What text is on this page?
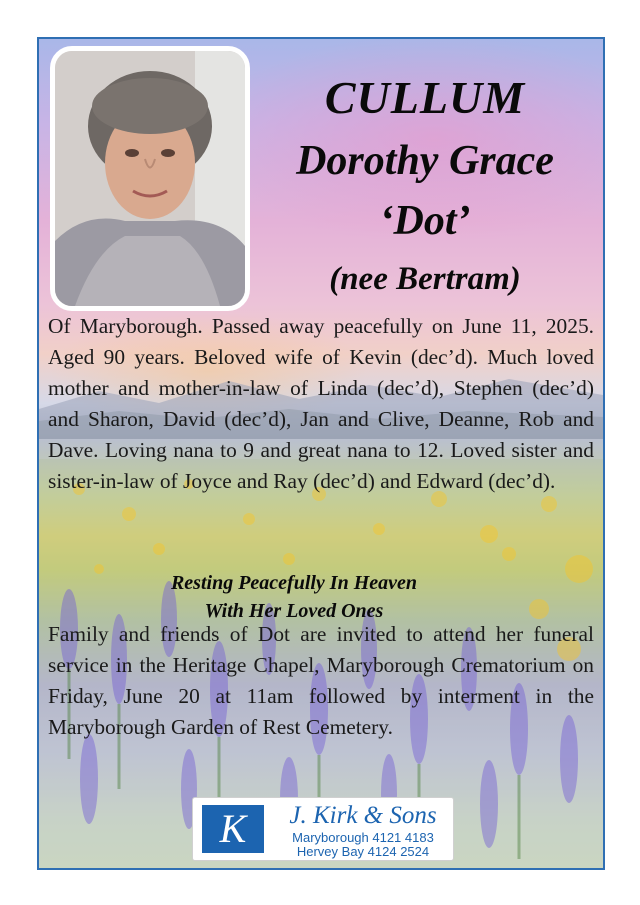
CULLUM

Dorothy Grace

‘Dot’

(nee Bertram)

Of Maryborough. Passed away peacefully on June 11, 2025. Aged 90 years. Beloved wife of Kevin (dec’d). Much loved mother and mother-in-law of Linda (dec’d), Stephen (dec’d) and Sharon, David (dec’d), Jan and Clive, Deanne, Rob and Dave. Loving nana to 9 and great nana to 12. Loved sister and sister-in-law of Joyce and Ray (dec’d) and Edward (dec’d).

Resting Peacefully In Heaven
With Her Loved Ones

Family and friends of Dot are invited to attend her funeral service in the Heritage Chapel, Maryborough Crematorium on Friday, June 20 at 11am followed by interment in the Maryborough Garden of Rest Cemetery.

K	J. Kirk & Sons

Maryborough 4121 4183

Hervey Bay 4124 2524
